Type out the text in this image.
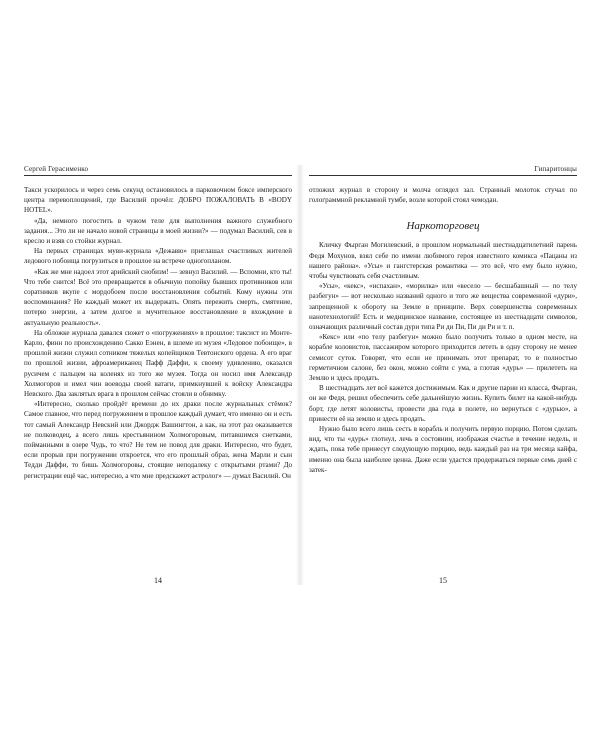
Сергей Герасименко

Такси ускорилось и через семь секунд остановилось в парковочном боксе имперского центра перевоплощений, где Василий прочёл: ДОБРО ПОЖАЛОВАТЬ В «BODY HOTEL».

«Да, немного погостить в чужом теле для выполнения важного служебного задания... Это ли не начало новой страницы в моей жизни?» — подумал Василий, сев в кресло и взяв со стойки журнал.

На первых страницах муви-журнала «Дежавю» приглашал счастливых жителей ледового побоища погрузиться в прошлое на встрече одногопланом.

«Как же мне надоел этот арийский снобизм! — зевнул Василий. — Вспомни, кто ты! Что тебе снится! Всё это превращается в обычную попойку бывших противников или соратников вкупе с мордобоем после восстановления событий. Кому нужны эти воспоминания? Не каждый может их выдержать. Опять пережить смерть, смятение, потерю энергии, а затем долгое и мучительное восстановление в вхождение в актуальную реальность».

На обложке журнала давался сюжет о «погружениях» в прошлое: таксист из Монте-Карло, финн по происхождению Сакко Еэнен, в шлеме из музея «Ледовое побоище», в прошлой жизни служил сотником тяжелых копейщиков Тевтонского ордена. А его враг по прошлой жизни, афроамериканец Пафф Даффи, к своему удивлению, оказался русичем с пальцем на коленях из того же музея. Тогда он носил имя Александр Холмогоров и имел чин воеводы своей ватаги, примкнувшей к войску Александра Невского. Два заклятых врага в прошлом сейчас стояли в обнимку.

«Интересно, сколько пройдёт времени до их драки после журнальных стёмок? Самое главное, что перед погружением в прошлое каждый думает, что именно он и есть тот самый Александр Невский или Джордж Вашингтон, а как, на этот раз оказывается не полководец, а всего лишь крестьянином Холмогоровым, питавшимся снетками, пойманными в озере Чудь, то что? Не тем не повод для драки. Интересно, что будет, если прорыв при погружении откроется, что его прошлый образ, жена Марли и сын Тедди Даффи, то бишь Холмогоровы, стоящие неподалеку с открытыми ртами? До регистрации ещё час, интересно, а что мне предскажет астролог» — думал Василий. Он

14
Гипаритонцы

отложил журнал в сторону и молча оглядел зал. Странный молоток стучал по голограммной рекламной тумбе, возле которой стоял чемодан.

Наркоторговец

Кличку Фырган Могилевский, в прошлом нормальный шестнадцатилетний парень Федя Мохунов, взял себе по имени любимого героя известного комикса «Пацаны из нашего района». «Усы» и гангстерская романтика — это всё, что ему было нужно, чтобы чувствовать себя счастливым.

«Усы», «кекс», «испахан», «морилка» или «весело — бесшабашный — по телу разбегун» — вот несколько названий одного и того же вещества современной «дури», запрещенной к обороту на Земле в принципе. Верх совершенства современных нанотехнологий! Есть и медицинское название, состоящее из шестнадцати символов, означающих различный состав дури типа Ри ди Пи, Пи ди Ри и т. п.

«Кекс» или «по телу разбегун» можно было получить только в одном месте, на корабле коловистов, пассажиром которого приходится лететь в одну сторону не менее семисот суток. Говорят, что если не принимать этот препарат, то в полностью герметичном салоне, без окон, можно сойти с ума, а глотая «дурь» — прилететь на Землю и здесь продать.

В шестнадцать лет всё кажется достижимым. Как и другие парни из класса, Фырган, он же Федя, решил обеспечить себе дальнейшую жизнь. Купить билет на какой-нибудь борт, где летят коловисты, провести два года в полете, но вернуться с «дурью», а принести её на землю и здесь продать.

Нужно было всего лишь сесть в корабль и получить первую порцию. Потом сделать вид, что ты «дурь» глотнул, лечь в состоянии, изображая счастье в течение недель, и ждать, пока тебе принесут следующую порцию, ведь каждый раз на три месяца кайфа, именно она была наиболее ценна. Даже если удастся продержаться первые семь дней с затек-

15
